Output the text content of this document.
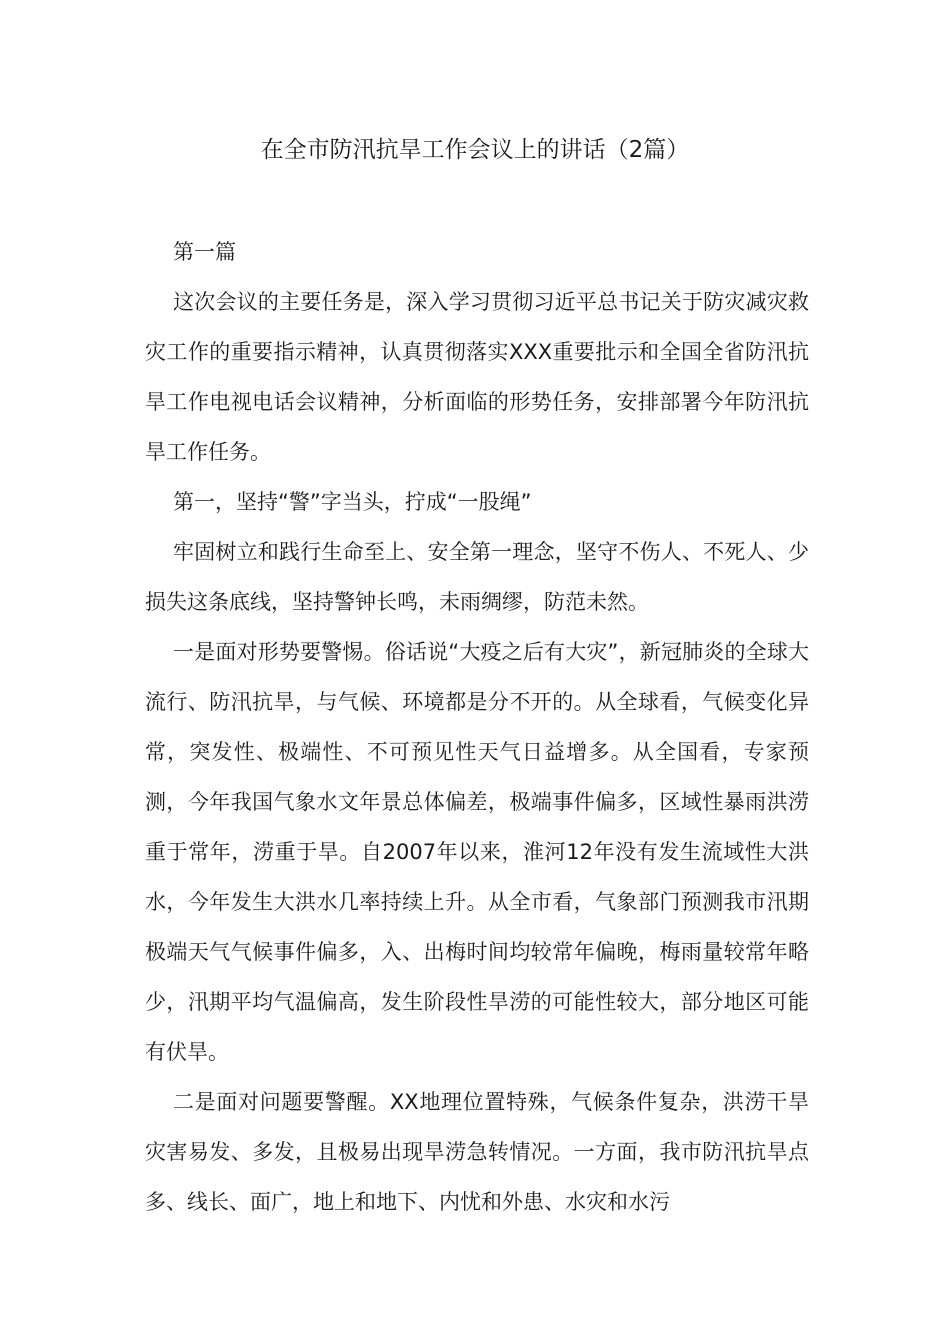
在全市防汛抗旱工作会议上的讲话（2篇）

第一篇

这次会议的主要任务是，深入学习贯彻习近平总书记关于防灾减灾救灾工作的重要指示精神，认真贯彻落实XXX重要批示和全国全省防汛抗旱工作电视电话会议精神，分析面临的形势任务，安排部署今年防汛抗旱工作任务。

第一，坚持“警”字当头，拧成“一股绳”

牢固树立和践行生命至上、安全第一理念，坚守不伤人、不死人、少损失这条底线，坚持警钟长鸣，未雨绸缪，防范未然。

一是面对形势要警惕。俗话说“大疫之后有大灾”，新冠肺炎的全球大流行、防汛抗旱，与气候、环境都是分不开的。从全球看，气候变化异常，突发性、极端性、不可预见性天气日益增多。从全国看，专家预测，今年我国气象水文年景总体偏差，极端事件偏多，区域性暴雨洪涝重于常年，涝重于旱。自2007年以来，淮河12年没有发生流域性大洪水，今年发生大洪水几率持续上升。从全市看，气象部门预测我市汛期极端天气气候事件偏多，入、出梅时间均较常年偏晚，梅雨量较常年略少，汛期平均气温偏高，发生阶段性旱涝的可能性较大，部分地区可能有伏旱。

二是面对问题要警醒。XX地理位置特殊，气候条件复杂，洪涝干旱灾害易发、多发，且极易出现旱涝急转情况。一方面，我市防汛抗旱点多、线长、面广，地上和地下、内忧和外患、水灾和水污
